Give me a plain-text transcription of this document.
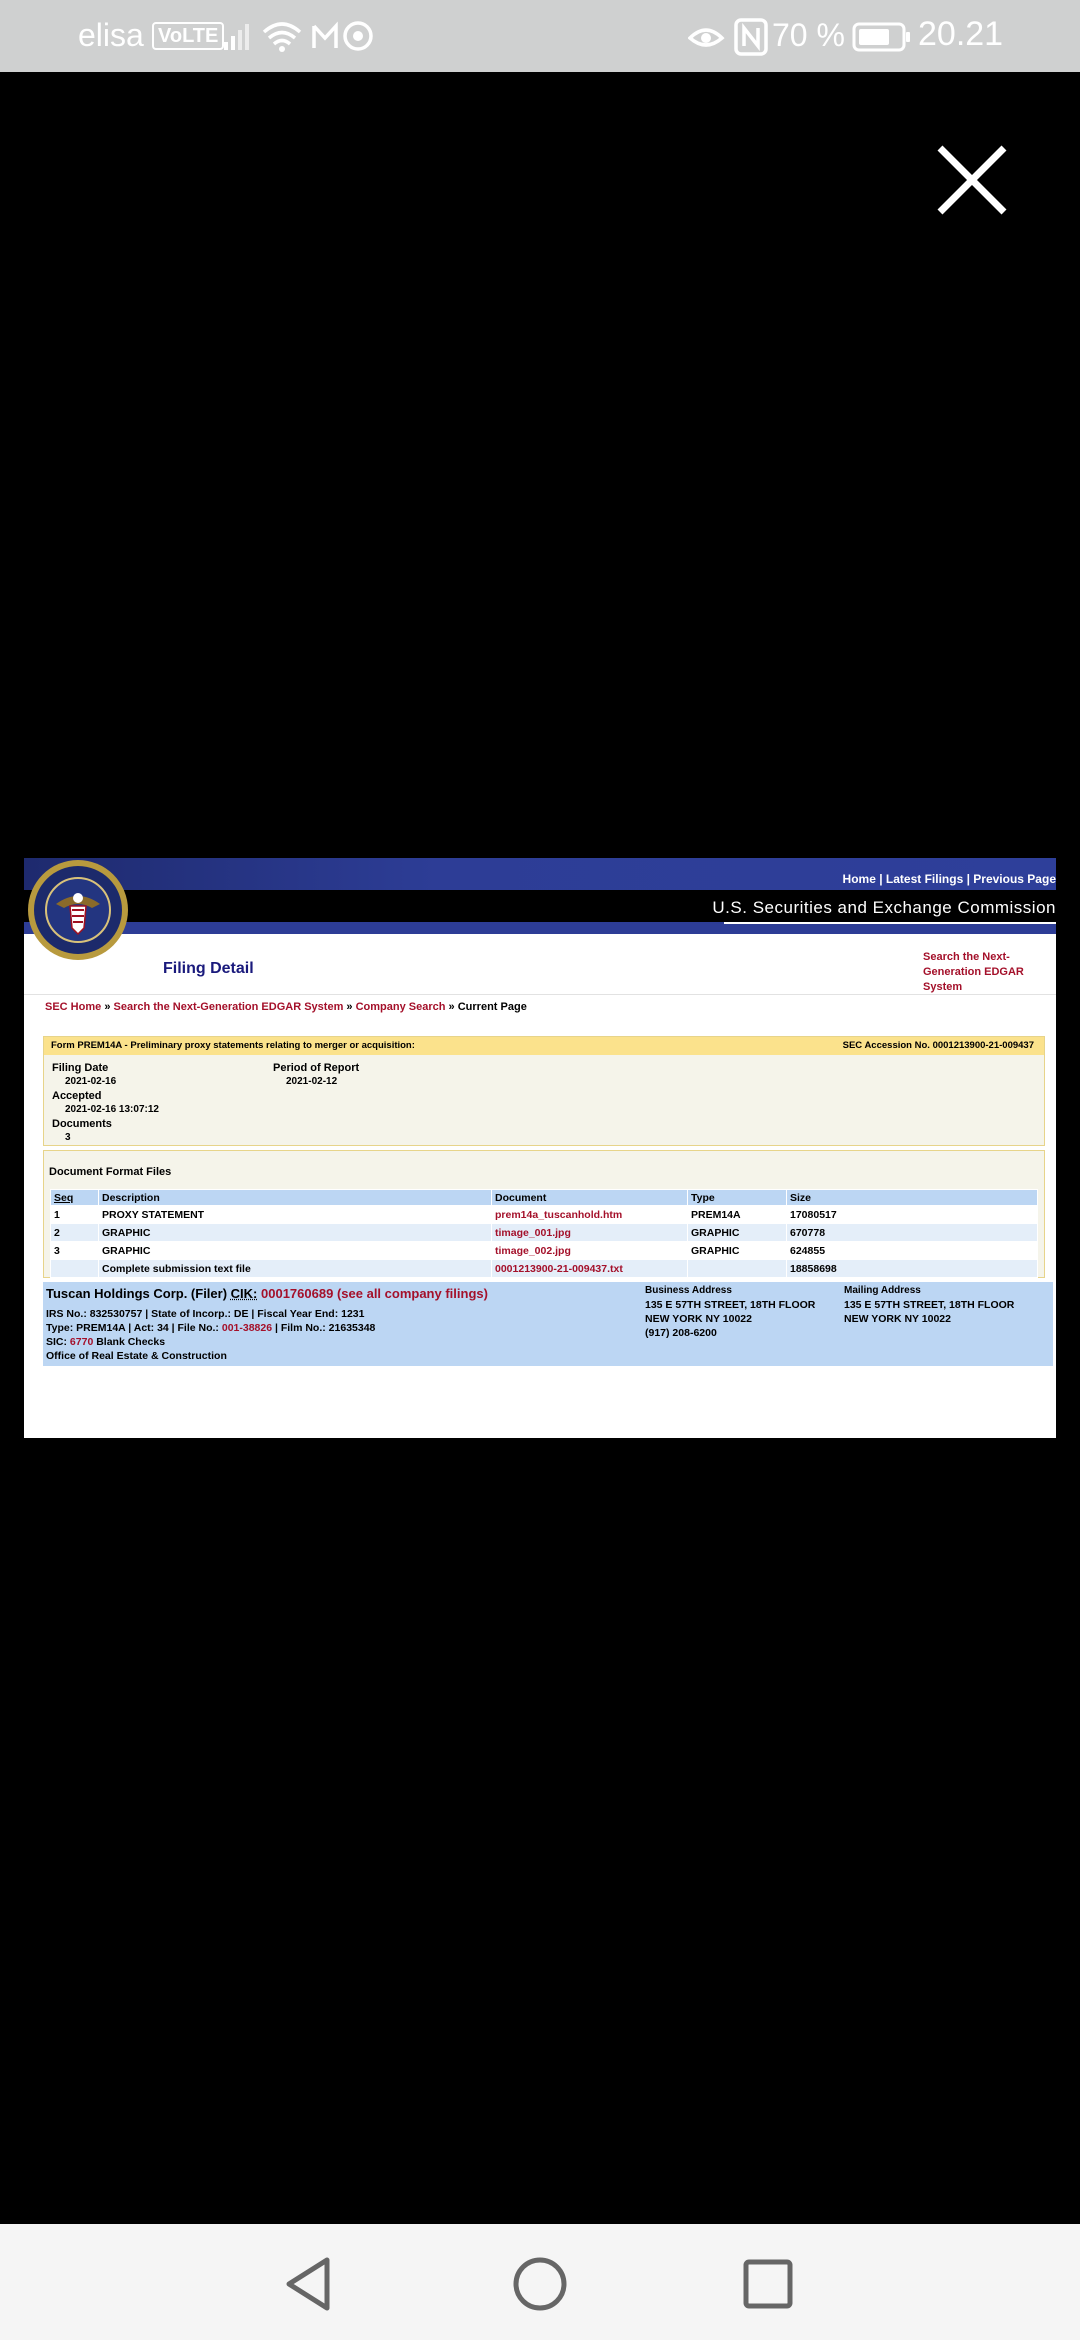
elisa VoLTE	70 % 20.21
Home | Latest Filings | Previous Page
U.S. Securities and Exchange Commission
Filing Detail
Search the Next-Generation EDGAR System
SEC Home » Search the Next-Generation EDGAR System » Company Search » Current Page
Form PREM14A - Preliminary proxy statements relating to merger or acquisition:	SEC Accession No. 0001213900-21-009437
Filing Date
2021-02-16
Accepted
2021-02-16 13:07:12
Documents
3
Period of Report
2021-02-12
Document Format Files
Seq	Description	Document	Type	Size
1	PROXY STATEMENT	prem14a_tuscanhold.htm	PREM14A	17080517
2	GRAPHIC	timage_001.jpg	GRAPHIC	670778
3	GRAPHIC	timage_002.jpg	GRAPHIC	624855
	Complete submission text file	0001213900-21-009437.txt		18858698
Tuscan Holdings Corp. (Filer) CIK: 0001760689 (see all company filings)
IRS No.: 832530757 | State of Incorp.: DE | Fiscal Year End: 1231
Type: PREM14A | Act: 34 | File No.: 001-38826 | Film No.: 21635348
SIC: 6770 Blank Checks
Office of Real Estate & Construction
Business Address
135 E 57TH STREET, 18TH FLOOR
NEW YORK NY 10022
(917) 208-6200
Mailing Address
135 E 57TH STREET, 18TH FLOOR
NEW YORK NY 10022
